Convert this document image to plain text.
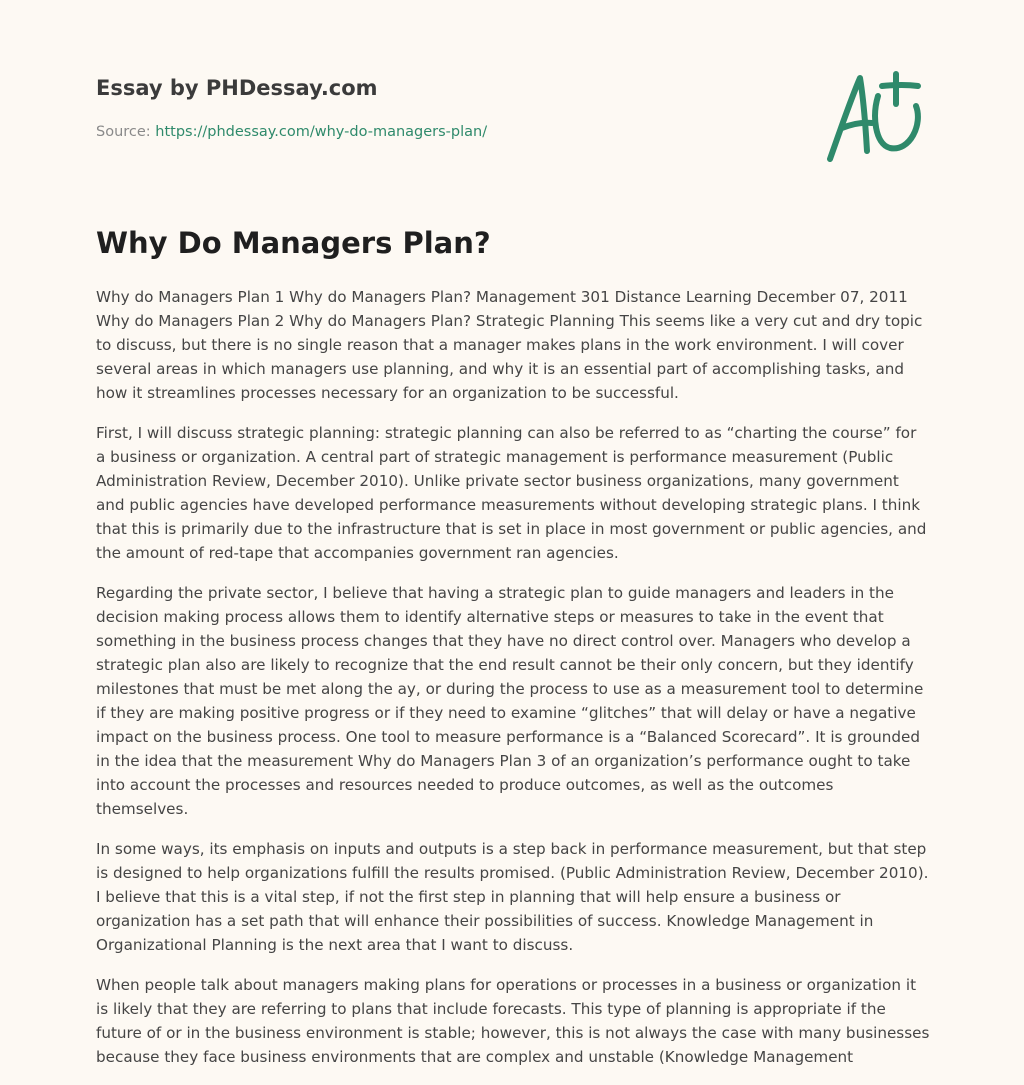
Essay by PHDessay.com
Source: https://phdessay.com/why-do-managers-plan/
Why Do Managers Plan?

Why do Managers Plan 1 Why do Managers Plan? Management 301 Distance Learning December 07, 2011 Why do Managers Plan 2 Why do Managers Plan? Strategic Planning This seems like a very cut and dry topic to discuss, but there is no single reason that a manager makes plans in the work environment. I will cover several areas in which managers use planning, and why it is an essential part of accomplishing tasks, and how it streamlines processes necessary for an organization to be successful.

First, I will discuss strategic planning: strategic planning can also be referred to as “charting the course” for a business or organization. A central part of strategic management is performance measurement (Public Administration Review, December 2010). Unlike private sector business organizations, many government and public agencies have developed performance measurements without developing strategic plans. I think that this is primarily due to the infrastructure that is set in place in most government or public agencies, and the amount of red-tape that accompanies government ran agencies.

Regarding the private sector, I believe that having a strategic plan to guide managers and leaders in the decision making process allows them to identify alternative steps or measures to take in the event that something in the business process changes that they have no direct control over. Managers who develop a strategic plan also are likely to recognize that the end result cannot be their only concern, but they identify milestones that must be met along the ay, or during the process to use as a measurement tool to determine if they are making positive progress or if they need to examine “glitches” that will delay or have a negative impact on the business process. One tool to measure performance is a “Balanced Scorecard”. It is grounded in the idea that the measurement Why do Managers Plan 3 of an organization’s performance ought to take into account the processes and resources needed to produce outcomes, as well as the outcomes themselves.

In some ways, its emphasis on inputs and outputs is a step back in performance measurement, but that step is designed to help organizations fulfill the results promised. (Public Administration Review, December 2010). I believe that this is a vital step, if not the first step in planning that will help ensure a business or organization has a set path that will enhance their possibilities of success. Knowledge Management in Organizational Planning is the next area that I want to discuss.

When people talk about managers making plans for operations or processes in a business or organization it is likely that they are referring to plans that include forecasts. This type of planning is appropriate if the future of or in the business environment is stable; however, this is not always the case with many businesses because they face business environments that are complex and unstable (Knowledge Management
